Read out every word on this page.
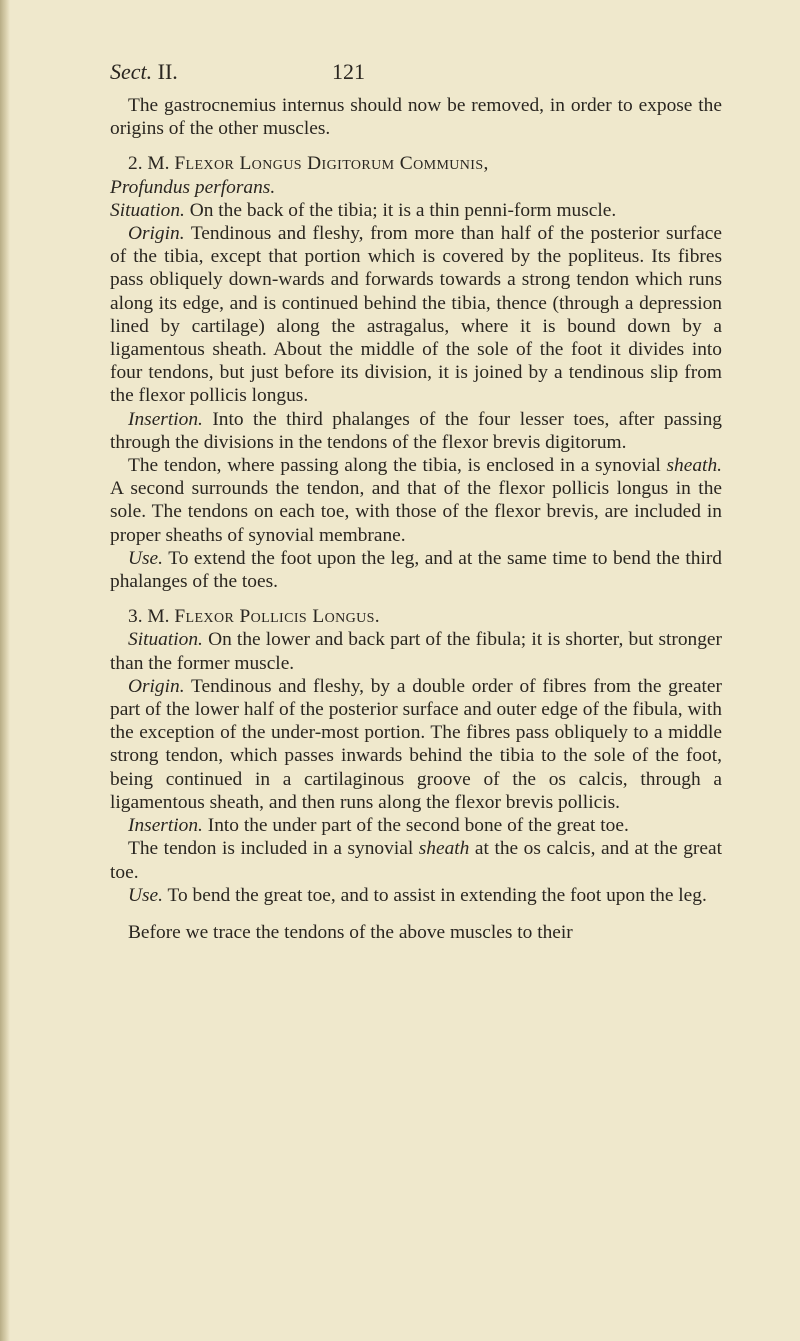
Sect. II.	121

The gastrocnemius internus should now be removed, in order to expose the origins of the other muscles.

2. M. Flexor Longus Digitorum Communis,

Profundus perforans.

Situation. On the back of the tibia; it is a thin penni-form muscle.

Origin. Tendinous and fleshy, from more than half of the posterior surface of the tibia, except that portion which is covered by the popliteus. Its fibres pass obliquely down-wards and forwards towards a strong tendon which runs along its edge, and is continued behind the tibia, thence (through a depression lined by cartilage) along the astragalus, where it is bound down by a ligamentous sheath. About the middle of the sole of the foot it divides into four tendons, but just before its division, it is joined by a tendinous slip from the flexor pollicis longus.

Insertion. Into the third phalanges of the four lesser toes, after passing through the divisions in the tendons of the flexor brevis digitorum.

The tendon, where passing along the tibia, is enclosed in a synovial sheath. A second surrounds the tendon, and that of the flexor pollicis longus in the sole. The tendons on each toe, with those of the flexor brevis, are included in proper sheaths of synovial membrane.

Use. To extend the foot upon the leg, and at the same time to bend the third phalanges of the toes.

3. M. Flexor Pollicis Longus.

Situation. On the lower and back part of the fibula; it is shorter, but stronger than the former muscle.

Origin. Tendinous and fleshy, by a double order of fibres from the greater part of the lower half of the posterior surface and outer edge of the fibula, with the exception of the under-most portion. The fibres pass obliquely to a middle strong tendon, which passes inwards behind the tibia to the sole of the foot, being continued in a cartilaginous groove of the os calcis, through a ligamentous sheath, and then runs along the flexor brevis pollicis.

Insertion. Into the under part of the second bone of the great toe.

The tendon is included in a synovial sheath at the os calcis, and at the great toe.

Use. To bend the great toe, and to assist in extending the foot upon the leg.

Before we trace the tendons of the above muscles to their
